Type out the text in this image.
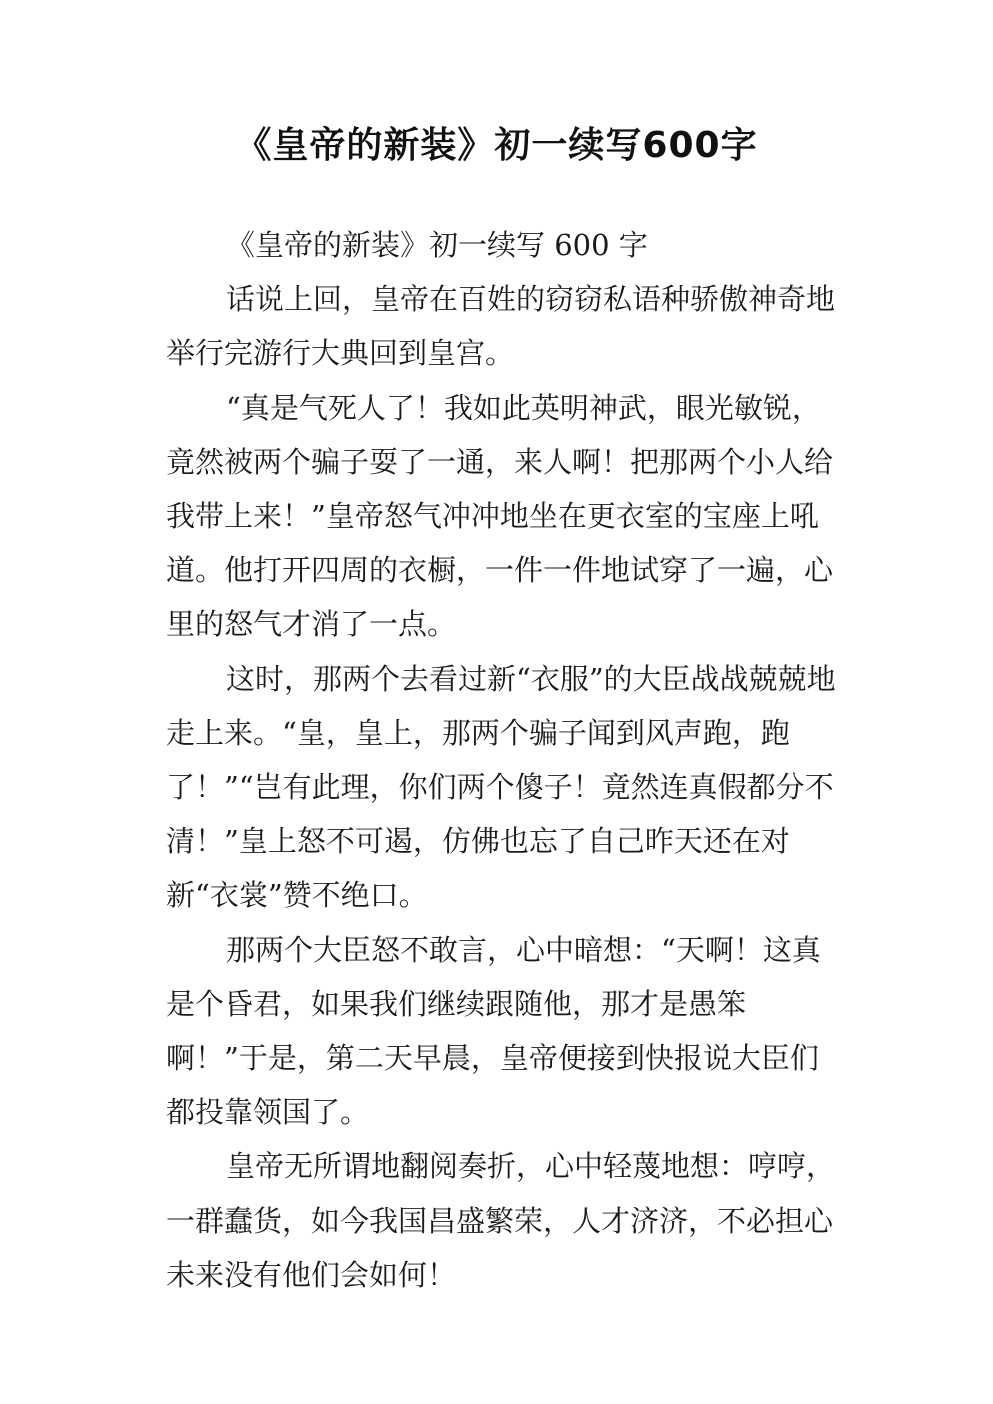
《皇帝的新装》初一续写600字

《皇帝的新装》初一续写 600 字

话说上回，皇帝在百姓的窃窃私语种骄傲神奇地举行完游行大典回到皇宫。

“真是气死人了！我如此英明神武，眼光敏锐，竟然被两个骗子耍了一通，来人啊！把那两个小人给我带上来！”皇帝怒气冲冲地坐在更衣室的宝座上吼道。他打开四周的衣橱，一件一件地试穿了一遍，心里的怒气才消了一点。

这时，那两个去看过新“衣服”的大臣战战兢兢地走上来。“皇，皇上，那两个骗子闻到风声跑，跑了！”“岂有此理，你们两个傻子！竟然连真假都分不清！”皇上怒不可遏，仿佛也忘了自己昨天还在对新“衣裳”赞不绝口。

那两个大臣怒不敢言，心中暗想：“天啊！这真是个昏君，如果我们继续跟随他，那才是愚笨啊！”于是，第二天早晨，皇帝便接到快报说大臣们都投靠领国了。

皇帝无所谓地翻阅奏折，心中轻蔑地想：哼哼，一群蠢货，如今我国昌盛繁荣，人才济济，不必担心未来没有他们会如何！
